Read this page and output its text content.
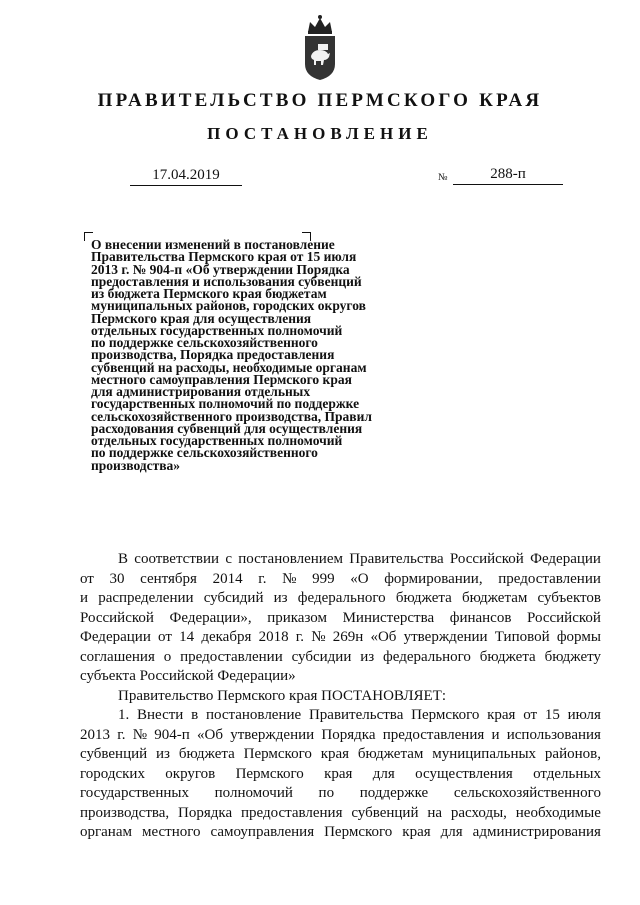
ПРАВИТЕЛЬСТВО ПЕРМСКОГО КРАЯ
ПОСТАНОВЛЕНИЕ
17.04.2019	№	288-п
О внесении изменений в постановление
Правительства Пермского края от 15 июля
2013 г. № 904-п «Об утверждении Порядка
предоставления и использования субвенций
из бюджета Пермского края бюджетам
муниципальных районов, городских округов
Пермского края для осуществления
отдельных государственных полномочий
по поддержке сельскохозяйственного
производства, Порядка предоставления
субвенций на расходы, необходимые органам
местного самоуправления Пермского края
для администрирования отдельных
государственных полномочий по поддержке
сельскохозяйственного производства, Правил
расходования субвенций для осуществления
отдельных государственных полномочий
по поддержке сельскохозяйственного
производства»
В соответствии с постановлением Правительства Российской Федерации
от 30 сентября 2014 г. № 999 «О формировании, предоставлении
и распределении субсидий из федерального бюджета бюджетам субъектов
Российской Федерации», приказом Министерства финансов Российской
Федерации от 14 декабря 2018 г. № 269н «Об утверждении Типовой формы
соглашения о предоставлении субсидии из федерального бюджета бюджету
субъекта Российской Федерации»
Правительство Пермского края ПОСТАНОВЛЯЕТ:
1. Внести в постановление Правительства Пермского края от 15 июля
2013 г. № 904-п «Об утверждении Порядка предоставления и использования
субвенций из бюджета Пермского края бюджетам муниципальных районов,
городских округов Пермского края для осуществления отдельных
государственных полномочий по поддержке сельскохозяйственного
производства, Порядка предоставления субвенций на расходы, необходимые
органам местного самоуправления Пермского края для администрирования
